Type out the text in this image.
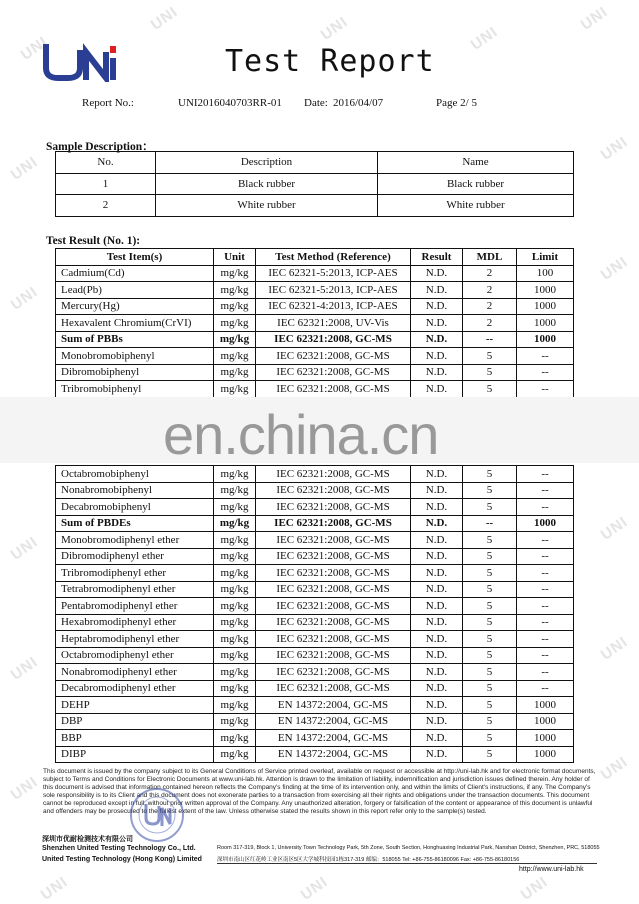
UNI
UNI	UNI	UNI
UNI
UNI
UNI
UNI
UNI
UNI
UNI
UNI
UNI
UNI
UNI
UNI	UNI	UNI
Test Report
Report No.:	UNI2016040703RR-01 Date: 2016/04/07	Page 2/ 5
Sample Description：
No.	Description	Name
1	Black rubber	Black rubber
2	White rubber	White rubber
Test Result (No. 1):
Test Item(s)	Unit	Test Method (Reference)	Result	MDL	Limit
Cadmium(Cd)	mg/kg	IEC 62321-5:2013, ICP-AES	N.D.	2	100
Lead(Pb)	mg/kg	IEC 62321-5:2013, ICP-AES	N.D.	2	1000
Mercury(Hg)	mg/kg	IEC 62321-4:2013, ICP-AES	N.D.	2	1000
Hexavalent Chromium(CrVI)	mg/kg	IEC 62321:2008, UV-Vis	N.D.	2	1000
Sum of PBBs	mg/kg	IEC 62321:2008, GC-MS	N.D.	--	1000
Monobromobiphenyl	mg/kg	IEC 62321:2008, GC-MS	N.D.	5	--
Dibromobiphenyl	mg/kg	IEC 62321:2008, GC-MS	N.D.	5	--
Tribromobiphenyl	mg/kg	IEC 62321:2008, GC-MS	N.D.	5	--
en.china.cn
Octabromobiphenyl	mg/kg	IEC 62321:2008, GC-MS	N.D.	5	--
Nonabromobiphenyl	mg/kg	IEC 62321:2008, GC-MS	N.D.	5	--
Decabromobiphenyl	mg/kg	IEC 62321:2008, GC-MS	N.D.	5	--
Sum of PBDEs	mg/kg	IEC 62321:2008, GC-MS	N.D.	--	1000
Monobromodiphenyl ether	mg/kg	IEC 62321:2008, GC-MS	N.D.	5	--
Dibromodiphenyl ether	mg/kg	IEC 62321:2008, GC-MS	N.D.	5	--
Tribromodiphenyl ether	mg/kg	IEC 62321:2008, GC-MS	N.D.	5	--
Tetrabromodiphenyl ether	mg/kg	IEC 62321:2008, GC-MS	N.D.	5	--
Pentabromodiphenyl ether	mg/kg	IEC 62321:2008, GC-MS	N.D.	5	--
Hexabromodiphenyl ether	mg/kg	IEC 62321:2008, GC-MS	N.D.	5	--
Heptabromodiphenyl ether	mg/kg	IEC 62321:2008, GC-MS	N.D.	5	--
Octabromodiphenyl ether	mg/kg	IEC 62321:2008, GC-MS	N.D.	5	--
Nonabromodiphenyl ether	mg/kg	IEC 62321:2008, GC-MS	N.D.	5	--
Decabromodiphenyl ether	mg/kg	IEC 62321:2008, GC-MS	N.D.	5	--
DEHP	mg/kg	EN 14372:2004, GC-MS	N.D.	5	1000
DBP	mg/kg	EN 14372:2004, GC-MS	N.D.	5	1000
BBP	mg/kg	EN 14372:2004, GC-MS	N.D.	5	1000
DIBP	mg/kg	EN 14372:2004, GC-MS	N.D.	5	1000
This document is issued by the company subject to its General Conditions of Service printed overleaf, available on request or accessible at http://uni-lab.hk and for electronic format documents, subject to Terms and Conditions for Electronic Documents at www.uni-lab.hk. Attention is drawn to the limitation of liability, indemnification and jurisdiction issues defined therein. Any holder of this document is advised that information contained hereon reflects the Company's finding at the time of its intervention only, and within the limits of Client's instructions, if any. The Company's sole responsibility is to its Client and this document does not exonerate parties to a transaction from exercising all their rights and obligations under the transaction documents. This document cannot be reproduced except in full, without prior written approval of the Company. Any unauthorized alteration, forgery or falsification of the content or appearance of this document is unlawful and offenders may be prosecuted to the fullest extent of the law. Unless otherwise stated the results shown in this report refer only to the sample(s) tested.
深圳市优耐检测技术有限公司
Shenzhen United Testing Technology Co., Ltd.
United Testing Technology (Hong Kong) Limited
Room 317-319, Block 1, University Town Technology Park, 5th Zone, South Section, Honghuaxing Industrial Park, Nanshan District, Shenzhen, PRC, 518055
深圳市南山区红花岭工业区南区5区大学城科技园1栋317-319 邮编：518055 Tel: +86-755-86180096 Fax: +86-755-86180156
http://www.uni-lab.hk
